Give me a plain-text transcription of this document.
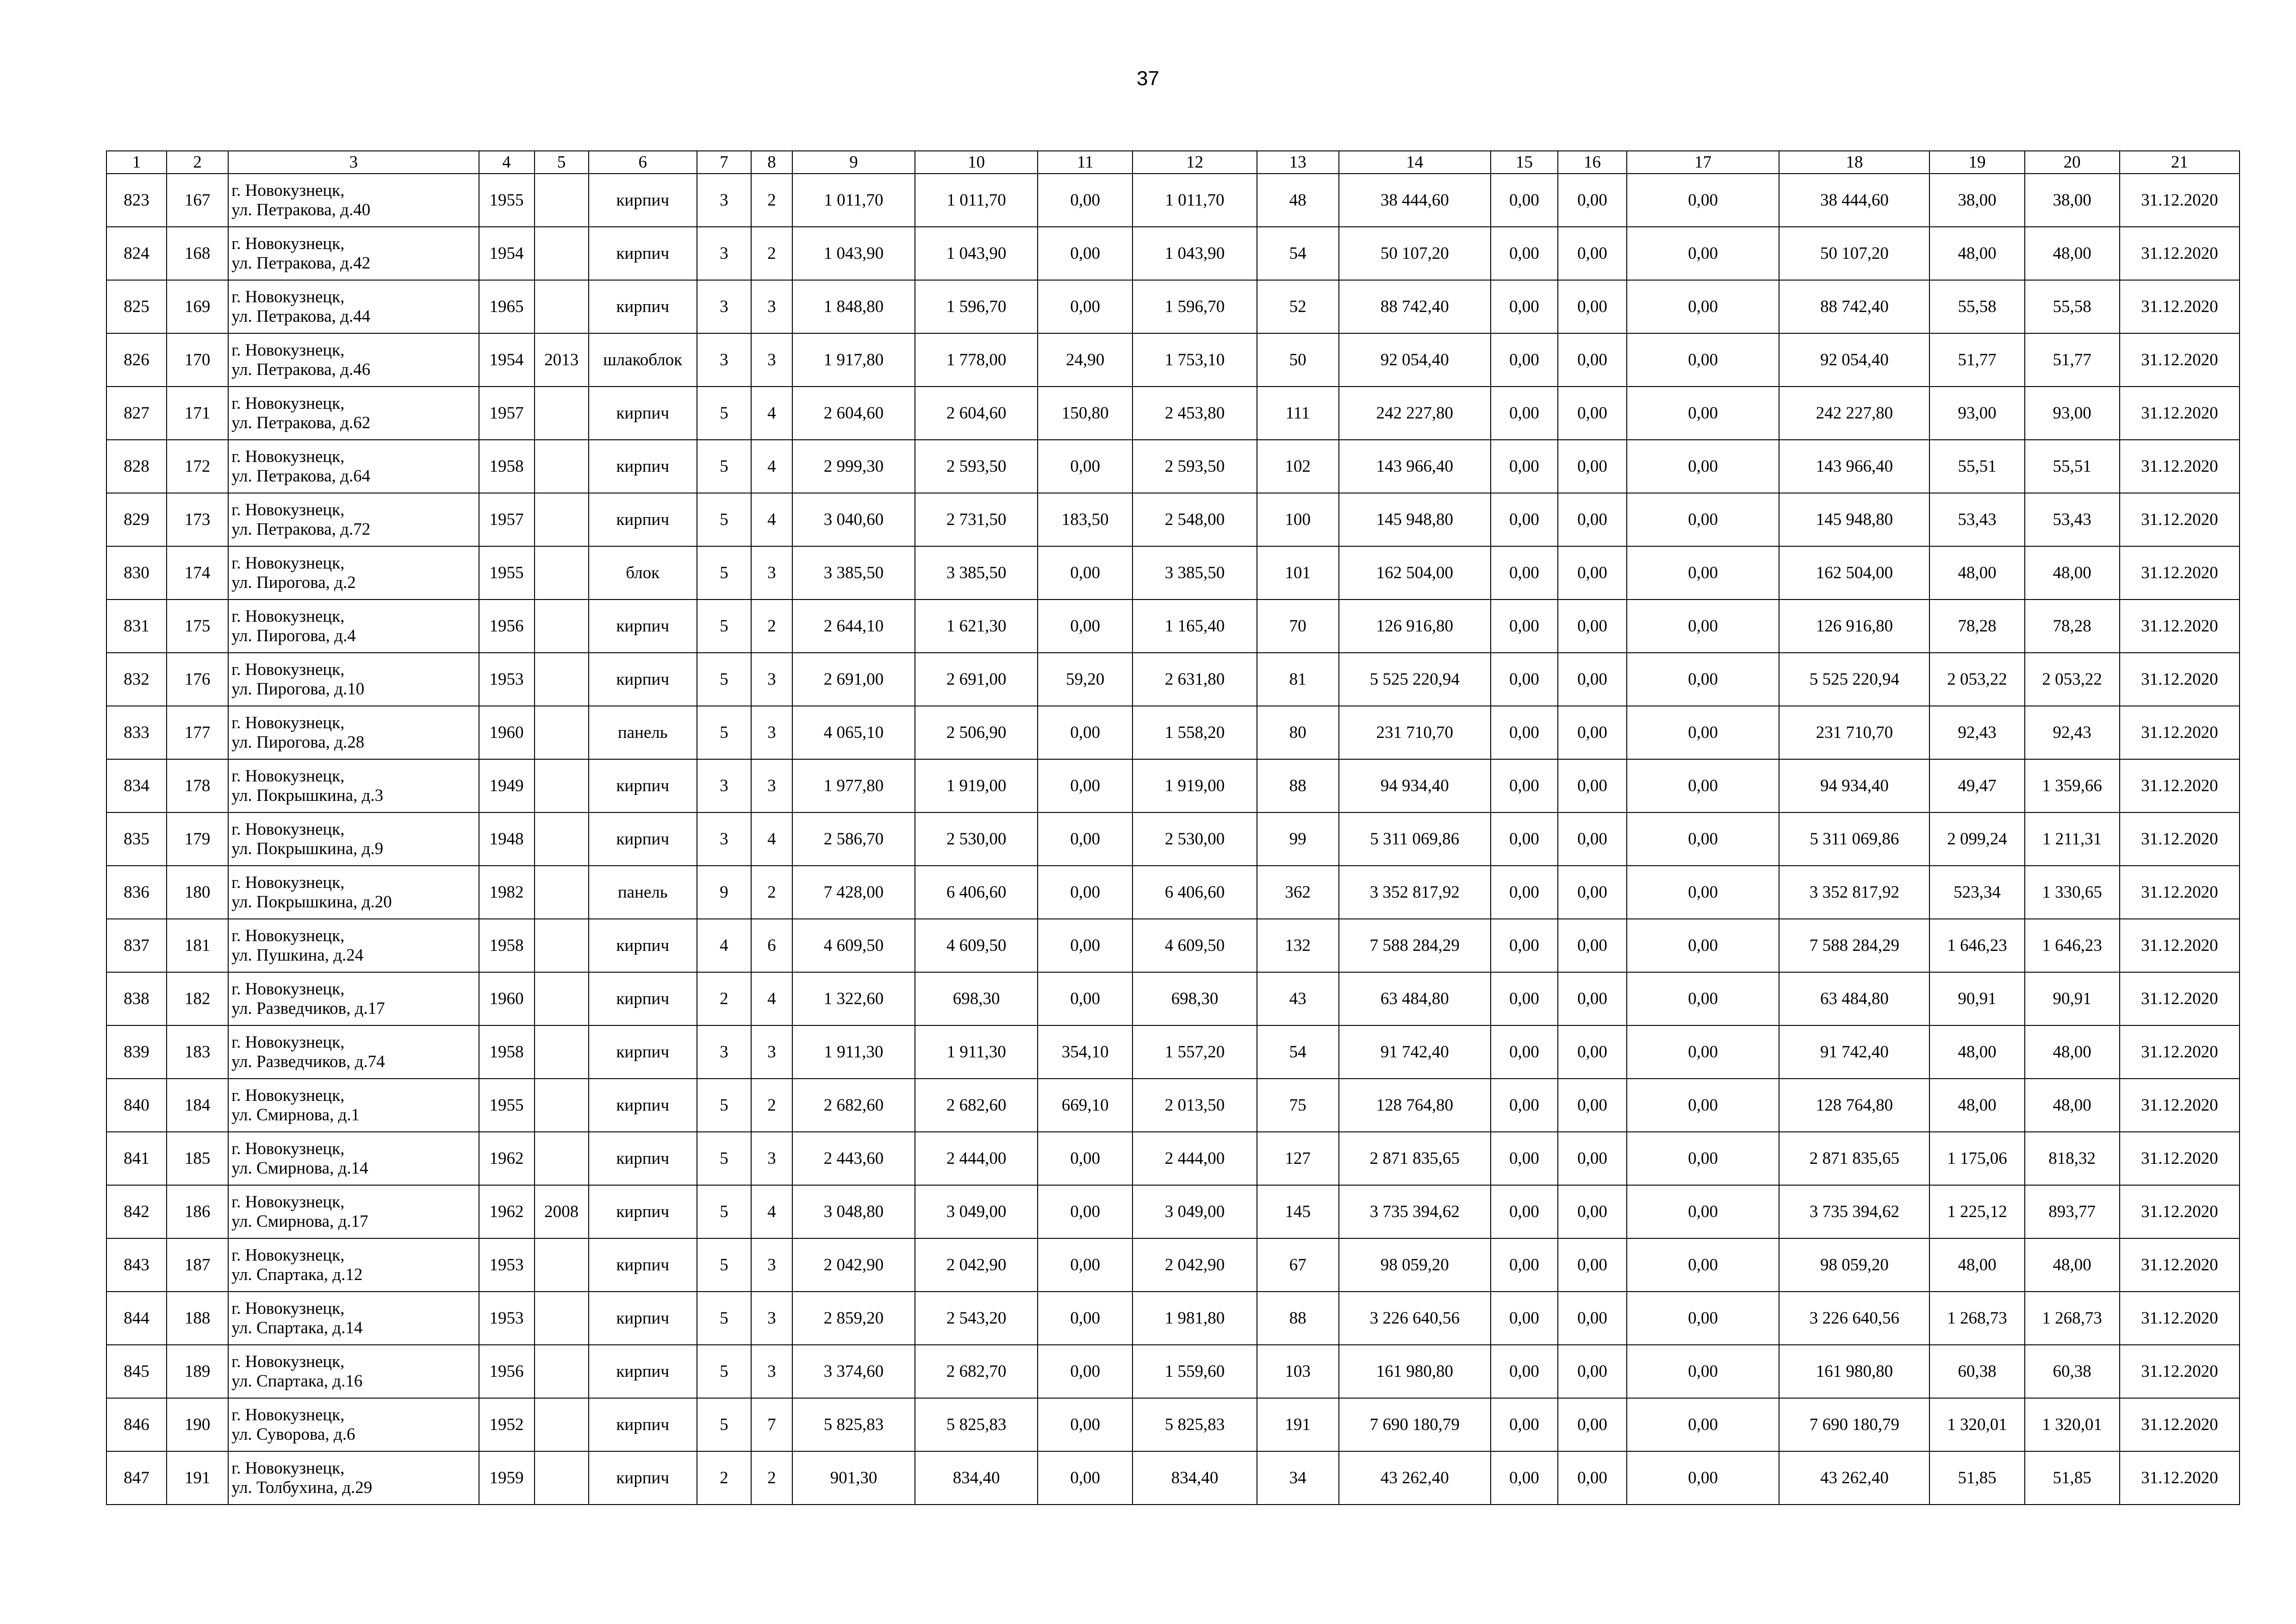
37
1	2	3	4	5	6	7	8	9	10	11	12	13	14	15	16	17	18	19	20	21
823	167	г. Новокузнецк,
ул. Петракова, д.40	1955		кирпич	3	2	1 011,70	1 011,70	0,00	1 011,70	48	38 444,60	0,00	0,00	0,00	38 444,60	38,00	38,00	31.12.2020
824	168	г. Новокузнецк,
ул. Петракова, д.42	1954		кирпич	3	2	1 043,90	1 043,90	0,00	1 043,90	54	50 107,20	0,00	0,00	0,00	50 107,20	48,00	48,00	31.12.2020
825	169	г. Новокузнецк,
ул. Петракова, д.44	1965		кирпич	3	3	1 848,80	1 596,70	0,00	1 596,70	52	88 742,40	0,00	0,00	0,00	88 742,40	55,58	55,58	31.12.2020
826	170	г. Новокузнецк,
ул. Петракова, д.46	1954	2013	шлакоблок	3	3	1 917,80	1 778,00	24,90	1 753,10	50	92 054,40	0,00	0,00	0,00	92 054,40	51,77	51,77	31.12.2020
827	171	г. Новокузнецк,
ул. Петракова, д.62	1957		кирпич	5	4	2 604,60	2 604,60	150,80	2 453,80	111	242 227,80	0,00	0,00	0,00	242 227,80	93,00	93,00	31.12.2020
828	172	г. Новокузнецк,
ул. Петракова, д.64	1958		кирпич	5	4	2 999,30	2 593,50	0,00	2 593,50	102	143 966,40	0,00	0,00	0,00	143 966,40	55,51	55,51	31.12.2020
829	173	г. Новокузнецк,
ул. Петракова, д.72	1957		кирпич	5	4	3 040,60	2 731,50	183,50	2 548,00	100	145 948,80	0,00	0,00	0,00	145 948,80	53,43	53,43	31.12.2020
830	174	г. Новокузнецк,
ул. Пирогова, д.2	1955		блок	5	3	3 385,50	3 385,50	0,00	3 385,50	101	162 504,00	0,00	0,00	0,00	162 504,00	48,00	48,00	31.12.2020
831	175	г. Новокузнецк,
ул. Пирогова, д.4	1956		кирпич	5	2	2 644,10	1 621,30	0,00	1 165,40	70	126 916,80	0,00	0,00	0,00	126 916,80	78,28	78,28	31.12.2020
832	176	г. Новокузнецк,
ул. Пирогова, д.10	1953		кирпич	5	3	2 691,00	2 691,00	59,20	2 631,80	81	5 525 220,94	0,00	0,00	0,00	5 525 220,94	2 053,22	2 053,22	31.12.2020
833	177	г. Новокузнецк,
ул. Пирогова, д.28	1960		панель	5	3	4 065,10	2 506,90	0,00	1 558,20	80	231 710,70	0,00	0,00	0,00	231 710,70	92,43	92,43	31.12.2020
834	178	г. Новокузнецк,
ул. Покрышкина, д.3	1949		кирпич	3	3	1 977,80	1 919,00	0,00	1 919,00	88	94 934,40	0,00	0,00	0,00	94 934,40	49,47	1 359,66	31.12.2020
835	179	г. Новокузнецк,
ул. Покрышкина, д.9	1948		кирпич	3	4	2 586,70	2 530,00	0,00	2 530,00	99	5 311 069,86	0,00	0,00	0,00	5 311 069,86	2 099,24	1 211,31	31.12.2020
836	180	г. Новокузнецк,
ул. Покрышкина, д.20	1982		панель	9	2	7 428,00	6 406,60	0,00	6 406,60	362	3 352 817,92	0,00	0,00	0,00	3 352 817,92	523,34	1 330,65	31.12.2020
837	181	г. Новокузнецк,
ул. Пушкина, д.24	1958		кирпич	4	6	4 609,50	4 609,50	0,00	4 609,50	132	7 588 284,29	0,00	0,00	0,00	7 588 284,29	1 646,23	1 646,23	31.12.2020
838	182	г. Новокузнецк,
ул. Разведчиков, д.17	1960		кирпич	2	4	1 322,60	698,30	0,00	698,30	43	63 484,80	0,00	0,00	0,00	63 484,80	90,91	90,91	31.12.2020
839	183	г. Новокузнецк,
ул. Разведчиков, д.74	1958		кирпич	3	3	1 911,30	1 911,30	354,10	1 557,20	54	91 742,40	0,00	0,00	0,00	91 742,40	48,00	48,00	31.12.2020
840	184	г. Новокузнецк,
ул. Смирнова, д.1	1955		кирпич	5	2	2 682,60	2 682,60	669,10	2 013,50	75	128 764,80	0,00	0,00	0,00	128 764,80	48,00	48,00	31.12.2020
841	185	г. Новокузнецк,
ул. Смирнова, д.14	1962		кирпич	5	3	2 443,60	2 444,00	0,00	2 444,00	127	2 871 835,65	0,00	0,00	0,00	2 871 835,65	1 175,06	818,32	31.12.2020
842	186	г. Новокузнецк,
ул. Смирнова, д.17	1962	2008	кирпич	5	4	3 048,80	3 049,00	0,00	3 049,00	145	3 735 394,62	0,00	0,00	0,00	3 735 394,62	1 225,12	893,77	31.12.2020
843	187	г. Новокузнецк,
ул. Спартака, д.12	1953		кирпич	5	3	2 042,90	2 042,90	0,00	2 042,90	67	98 059,20	0,00	0,00	0,00	98 059,20	48,00	48,00	31.12.2020
844	188	г. Новокузнецк,
ул. Спартака, д.14	1953		кирпич	5	3	2 859,20	2 543,20	0,00	1 981,80	88	3 226 640,56	0,00	0,00	0,00	3 226 640,56	1 268,73	1 268,73	31.12.2020
845	189	г. Новокузнецк,
ул. Спартака, д.16	1956		кирпич	5	3	3 374,60	2 682,70	0,00	1 559,60	103	161 980,80	0,00	0,00	0,00	161 980,80	60,38	60,38	31.12.2020
846	190	г. Новокузнецк,
ул. Суворова, д.6	1952		кирпич	5	7	5 825,83	5 825,83	0,00	5 825,83	191	7 690 180,79	0,00	0,00	0,00	7 690 180,79	1 320,01	1 320,01	31.12.2020
847	191	г. Новокузнецк,
ул. Толбухина, д.29	1959		кирпич	2	2	901,30	834,40	0,00	834,40	34	43 262,40	0,00	0,00	0,00	43 262,40	51,85	51,85	31.12.2020
